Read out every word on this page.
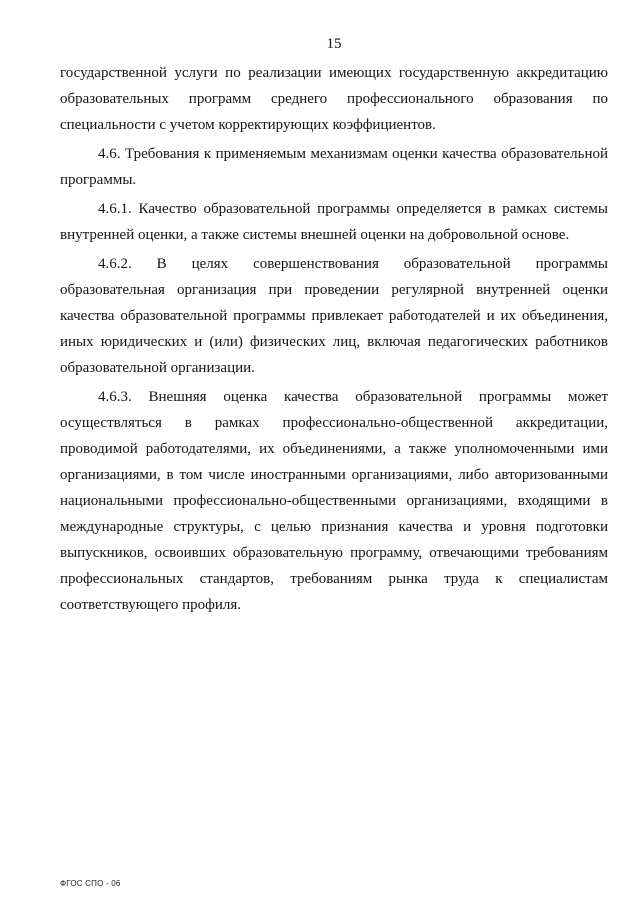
15

государственной услуги по реализации имеющих государственную аккредитацию образовательных программ среднего профессионального образования по специальности с учетом корректирующих коэффициентов.

4.6. Требования к применяемым механизмам оценки качества образовательной программы.

4.6.1. Качество образовательной программы определяется в рамках системы внутренней оценки, а также системы внешней оценки на добровольной основе.

4.6.2. В целях совершенствования образовательной программы образовательная организация при проведении регулярной внутренней оценки качества образовательной программы привлекает работодателей и их объединения, иных юридических и (или) физических лиц, включая педагогических работников образовательной организации.

4.6.3. Внешняя оценка качества образовательной программы может осуществляться в рамках профессионально-общественной аккредитации, проводимой работодателями, их объединениями, а также уполномоченными ими организациями, в том числе иностранными организациями, либо авторизованными национальными профессионально-общественными организациями, входящими в международные структуры, с целью признания качества и уровня подготовки выпускников, освоивших образовательную программу, отвечающими требованиям профессиональных стандартов, требованиям рынка труда к специалистам соответствующего профиля.

ФГОС СПО - 06
